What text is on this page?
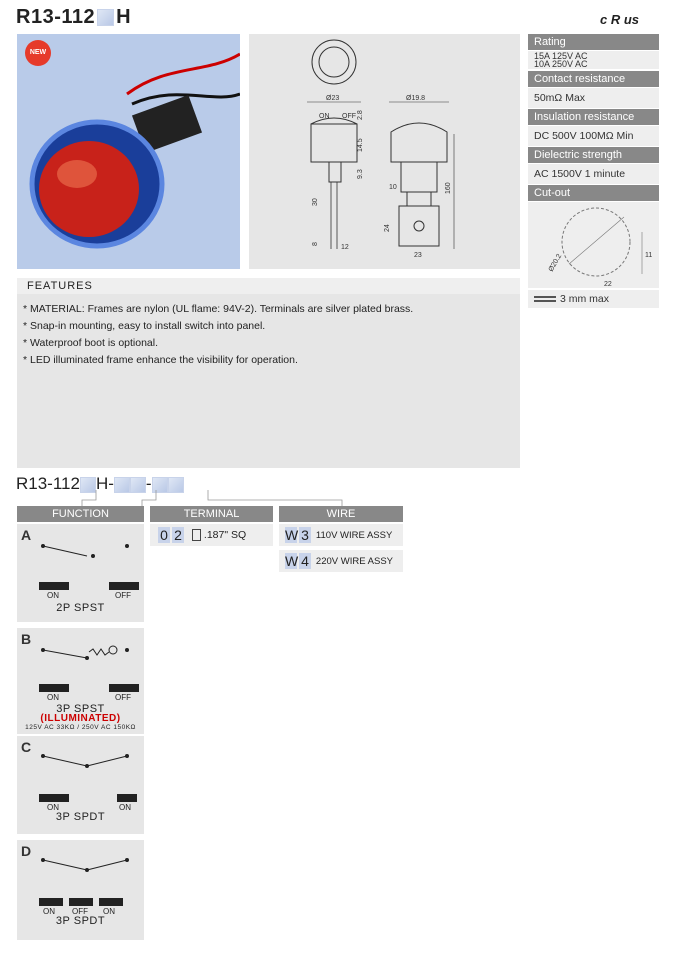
R13-112 H	c R us
NEW
Ø23
ON OFF 2.8
14.5
9.3
30
8	12
Ø19.8
10
24
160
23
Rating
15A 125V AC
10A 250V AC
Contact resistance
50mΩ Max
Insulation resistance
DC 500V 100MΩ Min
Dielectric strength
AC 1500V 1 minute
Cut-out
Ø20.2	11
22
3 mm max
FEATURES
* MATERIAL: Frames are nylon (UL flame: 94V-2). Terminals are silver plated brass.
* Snap-in mounting, easy to install switch into panel.
* Waterproof boot is optional.
* LED illuminated frame enhance the visibility for operation.
R13-112 H- -
FUNCTION	TERMINAL	WIRE
0 2 .187" SQ	W 3 110V WIRE ASSY
W 4 220V WIRE ASSY
A
ON	OFF
2P SPST
B
ON	OFF
3P SPST
(ILLUMINATED)
125V AC 33KΩ / 250V AC 150KΩ
C
ON	ON
3P SPDT
D
ON OFF ON
3P SPDT
